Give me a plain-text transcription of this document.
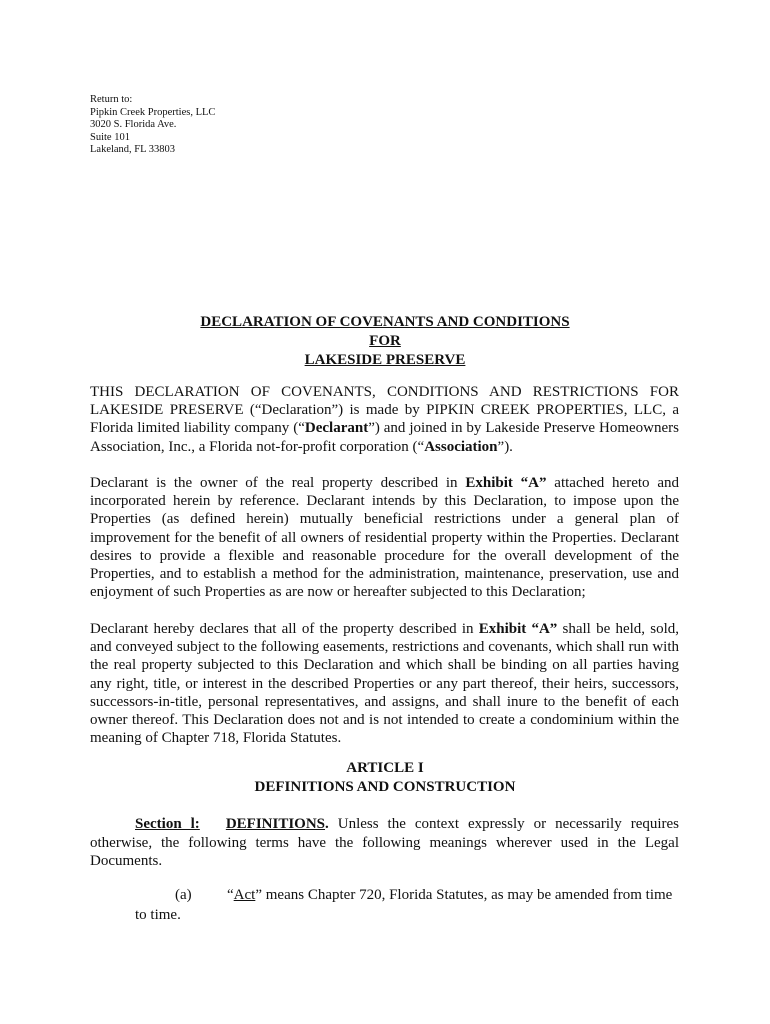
Return to:
Pipkin Creek Properties, LLC
3020 S. Florida Ave.
Suite 101
Lakeland, FL 33803
DECLARATION OF COVENANTS AND CONDITIONS
FOR
LAKESIDE PRESERVE
THIS DECLARATION OF COVENANTS, CONDITIONS AND RESTRICTIONS FOR LAKESIDE PRESERVE (“Declaration”) is made by PIPKIN CREEK PROPERTIES, LLC, a Florida limited liability company (“Declarant”) and joined in by Lakeside Preserve Homeowners Association, Inc., a Florida not-for-profit corporation (“Association”).
Declarant is the owner of the real property described in Exhibit “A” attached hereto and incorporated herein by reference. Declarant intends by this Declaration, to impose upon the Properties (as defined herein) mutually beneficial restrictions under a general plan of improvement for the benefit of all owners of residential property within the Properties. Declarant desires to provide a flexible and reasonable procedure for the overall development of the Properties, and to establish a method for the administration, maintenance, preservation, use and enjoyment of such Properties as are now or hereafter subjected to this Declaration;
Declarant hereby declares that all of the property described in Exhibit “A” shall be held, sold, and conveyed subject to the following easements, restrictions and covenants, which shall run with the real property subjected to this Declaration and which shall be binding on all parties having any right, title, or interest in the described Properties or any part thereof, their heirs, successors, successors-in-title, personal representatives, and assigns, and shall inure to the benefit of each owner thereof. This Declaration does not and is not intended to create a condominium within the meaning of Chapter 718, Florida Statutes.
ARTICLE I
DEFINITIONS AND CONSTRUCTION
Section l: DEFINITIONS. Unless the context expressly or necessarily requires otherwise, the following terms have the following meanings wherever used in the Legal Documents.
(a) “Act” means Chapter 720, Florida Statutes, as may be amended from time
to time.
